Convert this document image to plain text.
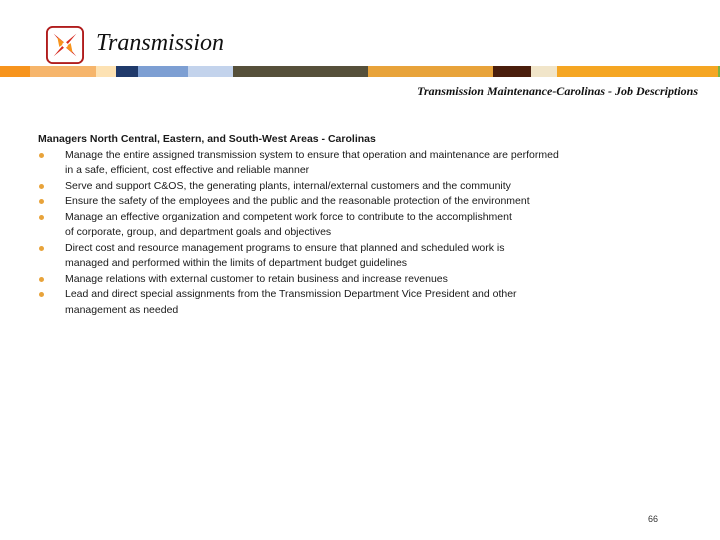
Transmission
Transmission Maintenance-Carolinas - Job Descriptions

Managers North Central, Eastern, and South-West Areas - Carolinas

Manage the entire assigned transmission system to ensure that operation and maintenance are performed
in a safe, efficient, cost effective and reliable manner
Serve and support C&OS, the generating plants, internal/external customers and the community
Ensure the safety of the employees and the public and the reasonable protection of the environment
Manage an effective organization and competent work force to contribute to the accomplishment
of corporate, group, and department goals and objectives
Direct cost and resource management programs to ensure that planned and scheduled work is
managed and performed within the limits of department budget guidelines
Manage relations with external customer to retain business and increase revenues
Lead and direct special assignments from the Transmission Department Vice President and other
management as needed
66
